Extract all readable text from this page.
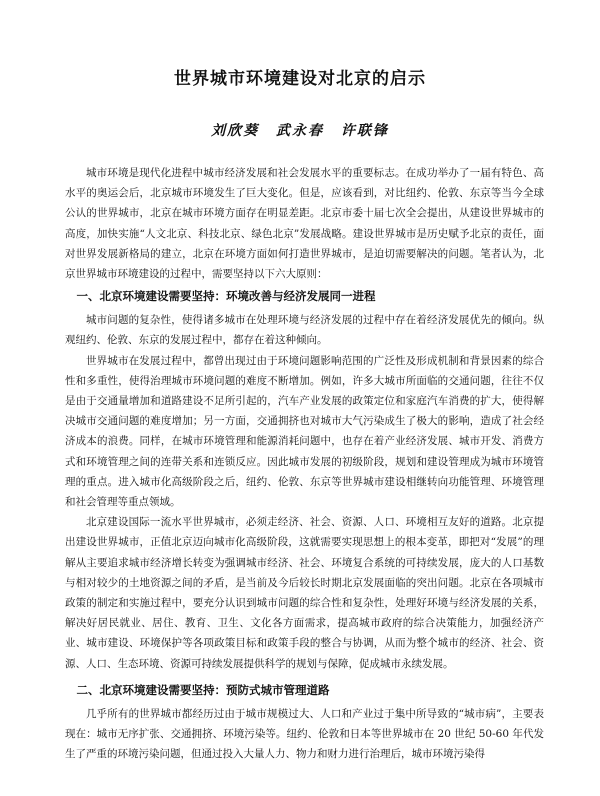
世界城市环境建设对北京的启示
刘欣葵 武永春 许联锋

城市环境是现代化进程中城市经济发展和社会发展水平的重要标志。在成功举办了一届有特色、高水平的奥运会后，北京城市环境发生了巨大变化。但是，应该看到，对比纽约、伦敦、东京等当今全球公认的世界城市，北京在城市环境方面存在明显差距。北京市委十届七次全会提出，从建设世界城市的高度，加快实施“人文北京、科技北京、绿色北京”发展战略。建设世界城市是历史赋予北京的责任，面对世界发展新格局的建立，北京在环境方面如何打造世界城市，是迫切需要解决的问题。笔者认为，北京世界城市环境建设的过程中，需要坚持以下六大原则：

一、北京环境建设需要坚持：环境改善与经济发展同一进程

城市问题的复杂性，使得诸多城市在处理环境与经济发展的过程中存在着经济发展优先的倾向。纵观纽约、伦敦、东京的发展过程中，都存在着这种倾向。

世界城市在发展过程中，都曾出现过由于环境问题影响范围的广泛性及形成机制和背景因素的综合性和多重性，使得治理城市环境问题的难度不断增加。例如，许多大城市所面临的交通问题，往往不仅是由于交通量增加和道路建设不足所引起的，汽车产业发展的政策定位和家庭汽车消费的扩大，使得解决城市交通问题的难度增加；另一方面，交通拥挤也对城市大气污染成生了极大的影响，造成了社会经济成本的浪费。同样，在城市环境管理和能源消耗问题中，也存在着产业经济发展、城市开发、消费方式和环境管理之间的连带关系和连锁反应。因此城市发展的初级阶段，规划和建设管理成为城市环境管理的重点。进入城市化高级阶段之后，纽约、伦敦、东京等世界城市建设相继转向功能管理、环境管理和社会管理等重点领域。

北京建设国际一流水平世界城市，必须走经济、社会、资源、人口、环境相互友好的道路。北京提出建设世界城市，正值北京迈向城市化高级阶段，这就需要实现思想上的根本变革，即把对“发展”的理解从主要追求城市经济增长转变为强调城市经济、社会、环境复合系统的可持续发展，庞大的人口基数与相对较少的土地资源之间的矛盾，是当前及今后较长时期北京发展面临的突出问题。北京在各项城市政策的制定和实施过程中，要充分认识到城市问题的综合性和复杂性，处理好环境与经济发展的关系，解决好居民就业、居住、教育、卫生、文化各方面需求，提高城市政府的综合决策能力，加强经济产业、城市建设、环境保护等各项政策目标和政策手段的整合与协调，从而为整个城市的经济、社会、资源、人口、生态环境、资源可持续发展提供科学的规划与保障，促成城市永续发展。

二、北京环境建设需要坚持：预防式城市管理道路

几乎所有的世界城市都经历过由于城市规模过大、人口和产业过于集中所导致的“城市病”，主要表现在：城市无序扩张、交通拥挤、环境污染等。纽约、伦敦和日本等世界城市在 20 世纪 50-60 年代发生了严重的环境污染问题，但通过投入大量人力、物力和财力进行治理后，城市环境污染得
